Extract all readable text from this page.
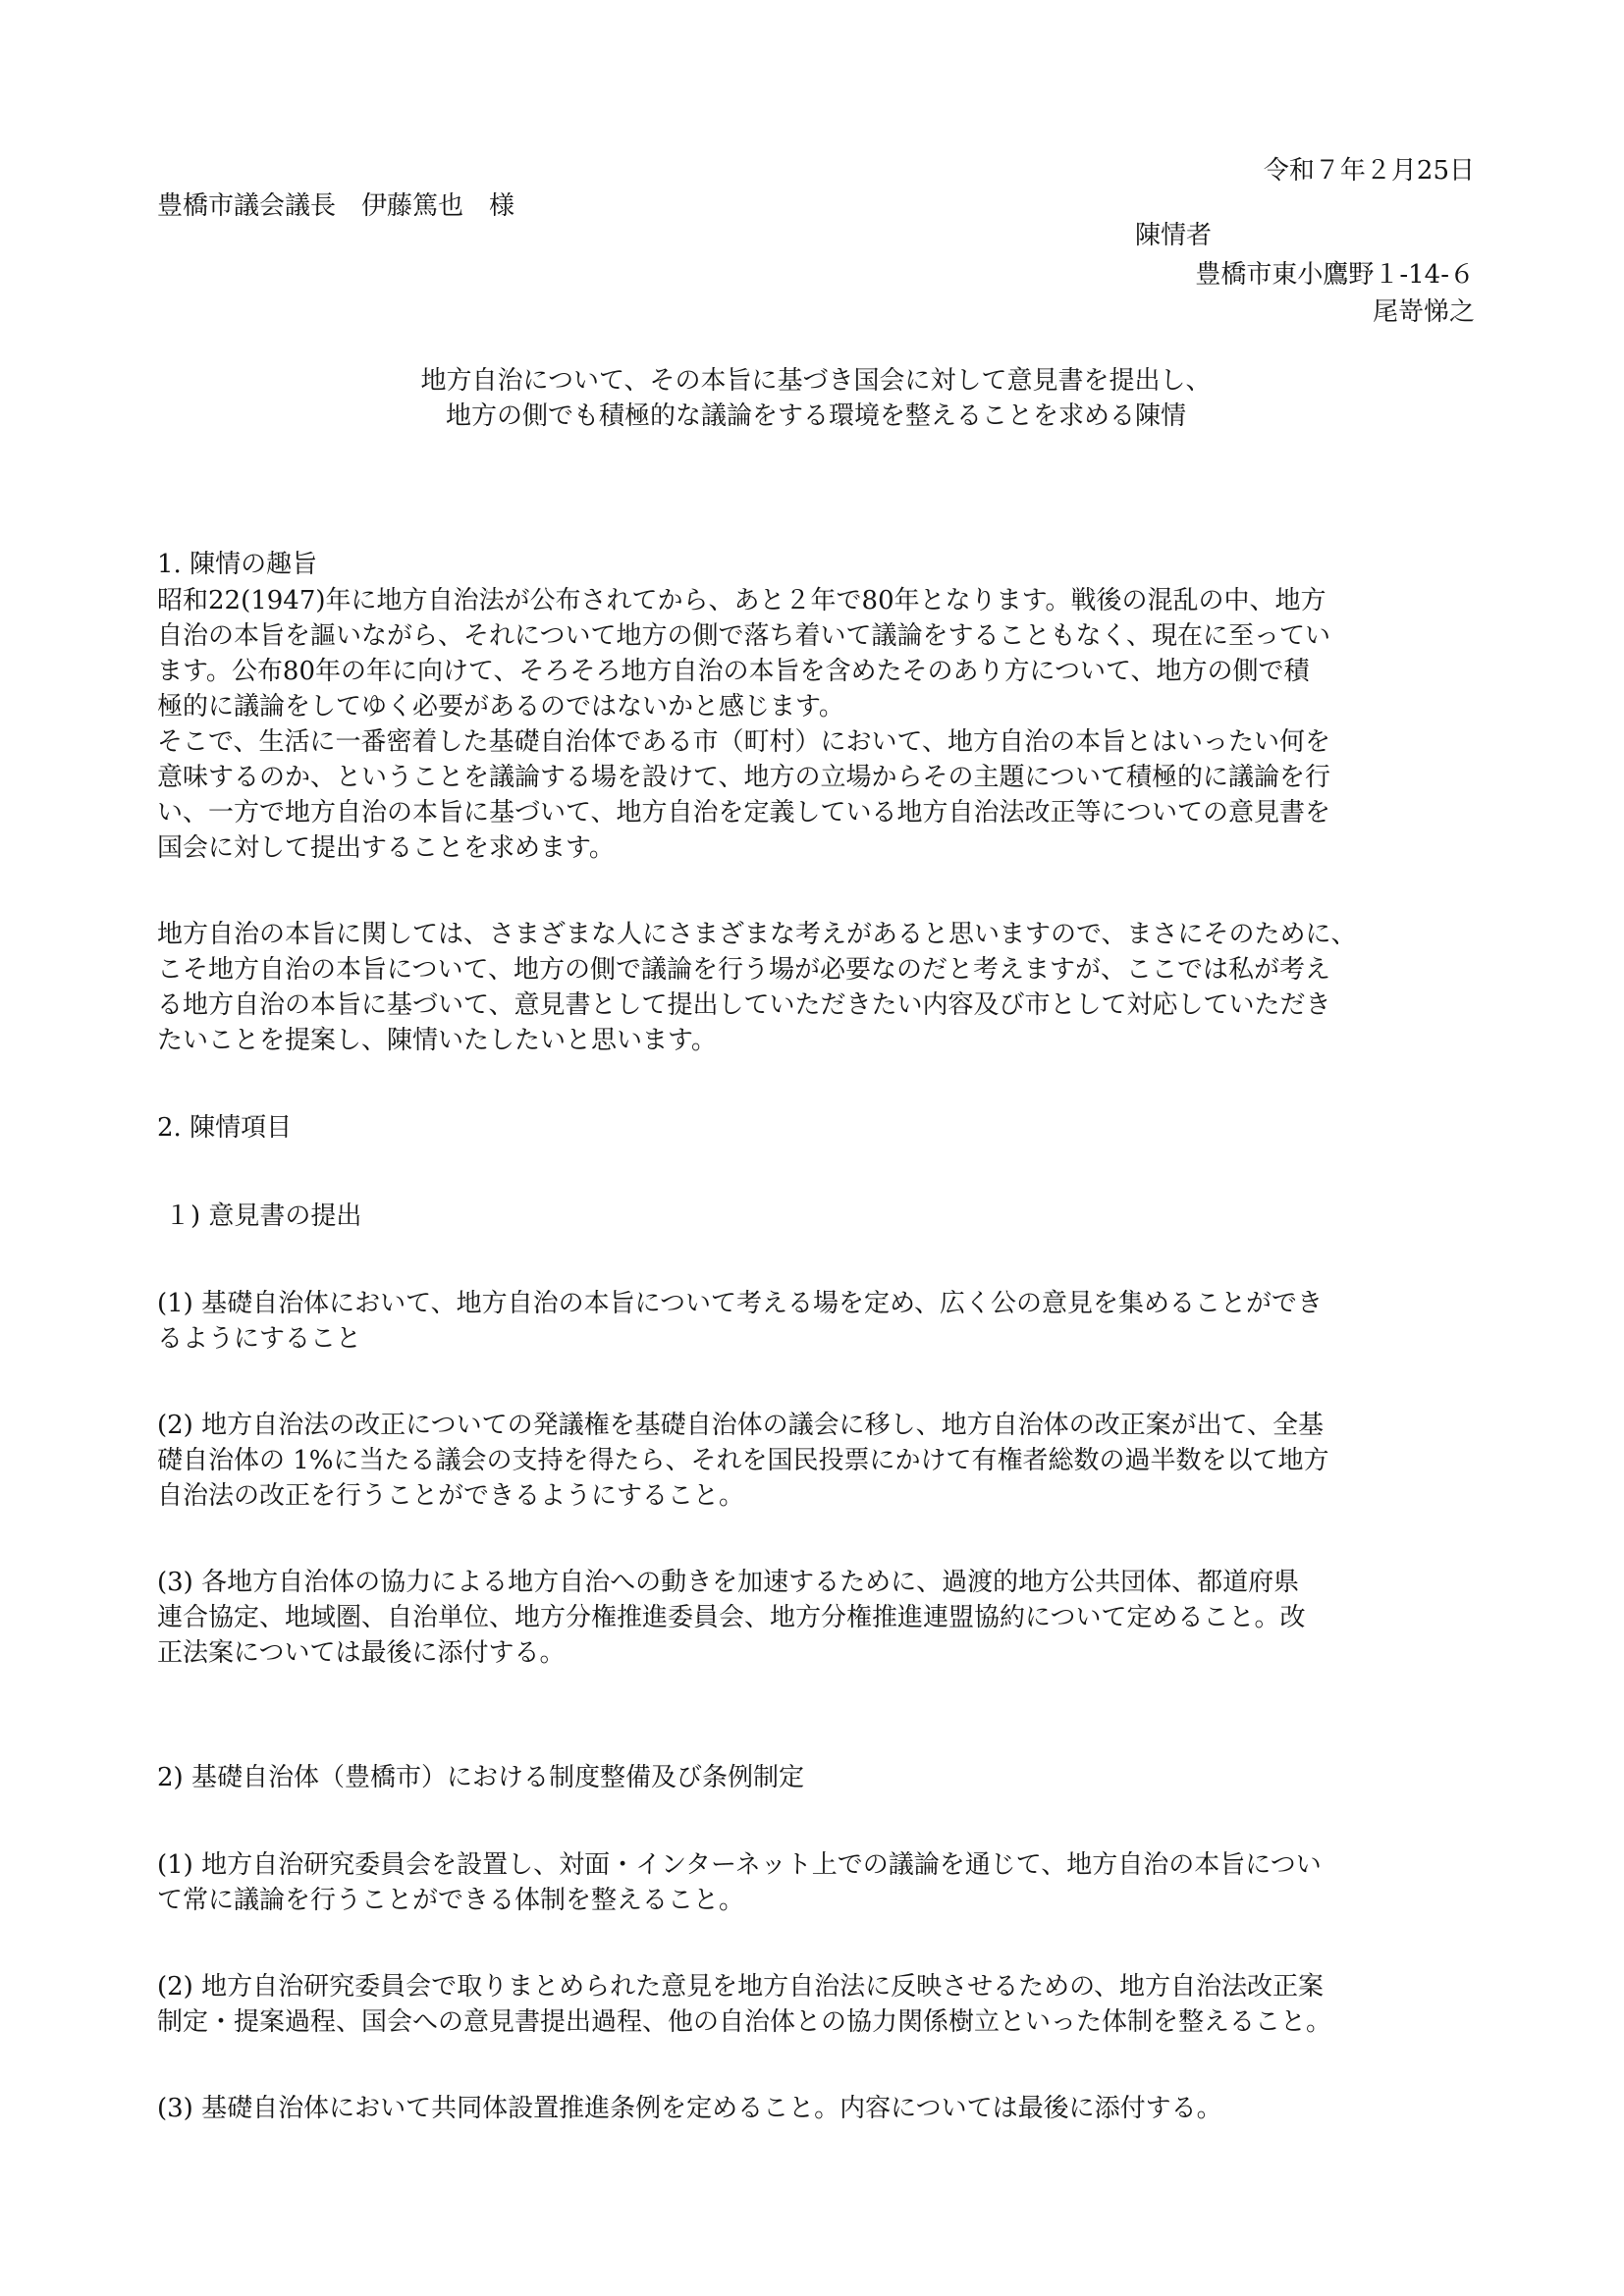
令和７年２月25日
豊橋市議会議長　伊藤篤也　様
陳情者
豊橋市東小鷹野１-14-６
尾嵜悌之
地方自治について、その本旨に基づき国会に対して意見書を提出し、
地方の側でも積極的な議論をする環境を整えることを求める陳情
1. 陳情の趣旨

昭和22(1947)年に地方自治法が公布されてから、あと２年で80年となります。戦後の混乱の中、地方

自治の本旨を謳いながら、それについて地方の側で落ち着いて議論をすることもなく、現在に至ってい

ます。公布80年の年に向けて、そろそろ地方自治の本旨を含めたそのあり方について、地方の側で積

極的に議論をしてゆく必要があるのではないかと感じます。

そこで、生活に一番密着した基礎自治体である市（町村）において、地方自治の本旨とはいったい何を

意味するのか、ということを議論する場を設けて、地方の立場からその主題について積極的に議論を行

い、一方で地方自治の本旨に基づいて、地方自治を定義している地方自治法改正等についての意見書を

国会に対して提出することを求めます。

地方自治の本旨に関しては、さまざまな人にさまざまな考えがあると思いますので、まさにそのために、

こそ地方自治の本旨について、地方の側で議論を行う場が必要なのだと考えますが、ここでは私が考え

る地方自治の本旨に基づいて、意見書として提出していただきたい内容及び市として対応していただき

たいことを提案し、陳情いたしたいと思います。

2. 陳情項目
１) 意見書の提出

(1) 基礎自治体において、地方自治の本旨について考える場を定め、広く公の意見を集めることができ

るようにすること

(2) 地方自治法の改正についての発議権を基礎自治体の議会に移し、地方自治体の改正案が出て、全基

礎自治体の 1%に当たる議会の支持を得たら、それを国民投票にかけて有権者総数の過半数を以て地方

自治法の改正を行うことができるようにすること。

(3) 各地方自治体の協力による地方自治への動きを加速するために、過渡的地方公共団体、都道府県

連合協定、地域圏、自治単位、地方分権推進委員会、地方分権推進連盟協約について定めること。改

正法案については最後に添付する。

2) 基礎自治体（豊橋市）における制度整備及び条例制定

(1) 地方自治研究委員会を設置し、対面・インターネット上での議論を通じて、地方自治の本旨につい

て常に議論を行うことができる体制を整えること。

(2) 地方自治研究委員会で取りまとめられた意見を地方自治法に反映させるための、地方自治法改正案

制定・提案過程、国会への意見書提出過程、他の自治体との協力関係樹立といった体制を整えること。

(3) 基礎自治体において共同体設置推進条例を定めること。内容については最後に添付する。
